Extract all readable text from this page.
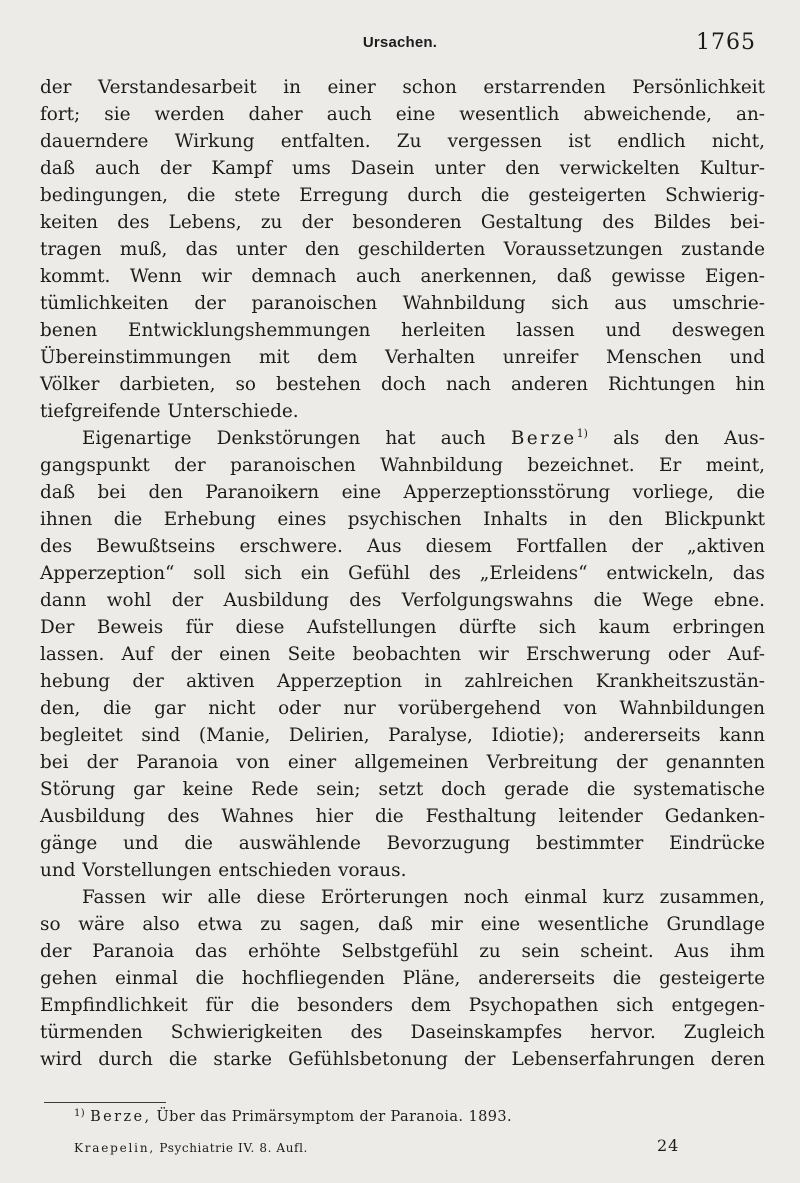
Ursachen.	1765
der Verstandesarbeit in einer schon erstarrenden Persönlichkeit
fort; sie werden daher auch eine wesentlich abweichende, an-
dauerndere Wirkung entfalten. Zu vergessen ist endlich nicht,
daß auch der Kampf ums Dasein unter den verwickelten Kultur-
bedingungen, die stete Erregung durch die gesteigerten Schwierig-
keiten des Lebens, zu der besonderen Gestaltung des Bildes bei-
tragen muß, das unter den geschilderten Voraussetzungen zustande
kommt. Wenn wir demnach auch anerkennen, daß gewisse Eigen-
tümlichkeiten der paranoischen Wahnbildung sich aus umschrie-
benen Entwicklungshemmungen herleiten lassen und deswegen
Übereinstimmungen mit dem Verhalten unreifer Menschen und
Völker darbieten, so bestehen doch nach anderen Richtungen hin
tiefgreifende Unterschiede.
Eigenartige Denkstörungen hat auch Berze$^{1)}$ als den Aus-
gangspunkt der paranoischen Wahnbildung bezeichnet. Er meint,
daß bei den Paranoikern eine Apperzeptionsstörung vorliege, die
ihnen die Erhebung eines psychischen Inhalts in den Blickpunkt
des Bewußtseins erschwere. Aus diesem Fortfallen der „aktiven
Apperzeption“ soll sich ein Gefühl des „Erleidens“ entwickeln, das
dann wohl der Ausbildung des Verfolgungswahns die Wege ebne.
Der Beweis für diese Aufstellungen dürfte sich kaum erbringen
lassen. Auf der einen Seite beobachten wir Erschwerung oder Auf-
hebung der aktiven Apperzeption in zahlreichen Krankheitszustän-
den, die gar nicht oder nur vorübergehend von Wahnbildungen
begleitet sind (Manie, Delirien, Paralyse, Idiotie); andererseits kann
bei der Paranoia von einer allgemeinen Verbreitung der genannten
Störung gar keine Rede sein; setzt doch gerade die systematische
Ausbildung des Wahnes hier die Festhaltung leitender Gedanken-
gänge und die auswählende Bevorzugung bestimmter Eindrücke
und Vorstellungen entschieden voraus.
Fassen wir alle diese Erörterungen noch einmal kurz zusammen,
so wäre also etwa zu sagen, daß mir eine wesentliche Grundlage
der Paranoia das erhöhte Selbstgefühl zu sein scheint. Aus ihm
gehen einmal die hochfliegenden Pläne, andererseits die gesteigerte
Empfindlichkeit für die besonders dem Psychopathen sich entgegen-
türmenden Schwierigkeiten des Daseinskampfes hervor. Zugleich
wird durch die starke Gefühlsbetonung der Lebenserfahrungen deren
$^{1)}$ Berze, Über das Primärsymptom der Paranoia. 1893.
Kraepelin, Psychiatrie IV. 8. Aufl.	24
